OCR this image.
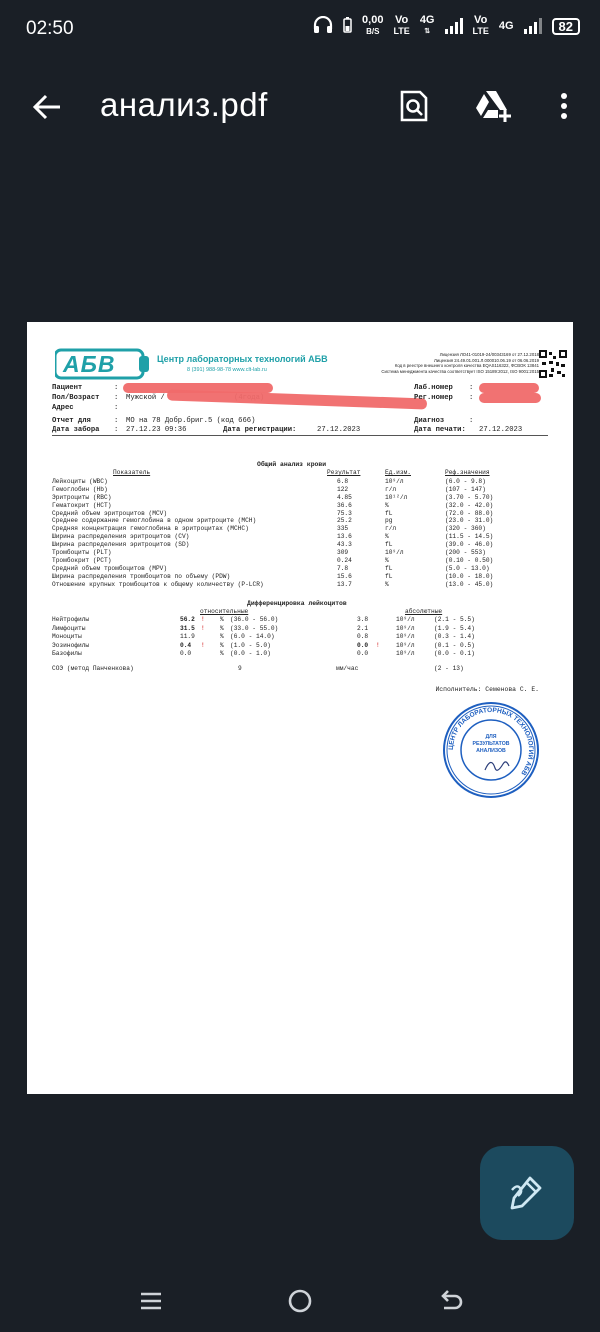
02:50	0,00
B/S
Vo
LTE
4G
⇅
Vo
LTE 4G	82
анализ.pdf
АБВ	Центр лабораторных технологий АБВ
8 (391) 988-98-78 www.clt-lab.ru
Лицензия ЛО41-01019-24/00343169 от 27.12.2018
Лицензия 24.49.01.001.Л.000010.06.19 от 06.06.2019
Код в реестре внешнего контроля качества EQAS116322, ФСВОК 13841
Система менеджмента качества соответствует ISO 15189:2012, ISO 9001:2015
Пациент	:
Пол/Возраст : Мужской /
Адрес	:
Лаб.номер :
Рег.номер :
Отчет для	: МО на 78 Добр.бриг.5 (код 666)	Диагноз	:
Дата забора : 27.12.23 09:36	Дата регистрации:	27.12.2023	Дата печати: 27.12.2023
Общий анализ крови
Показатель	Результат	Ед.изм.	Реф.значения
Лейкоциты (WBC)	6.8	10⁹/л	(6.0 - 9.8)
Гемоглобин (Hb)	122	г/л	(107 - 147)
Эритроциты (RBC)	4.85	10¹²/л	(3.70 - 5.70)
Гематокрит (HCT)	36.6	%	(32.0 - 42.0)
Средний объем эритроцитов (MCV)	75.3	fL	(72.0 - 88.0)
Среднее содержание гемоглобина в одном эритроците (MCH)	25.2	pg	(23.0 - 31.0)
Средняя концентрация гемоглобина в эритроцитах (MCHC)	335	г/л	(320 - 360)
Ширина распределения эритроцитов (CV)	13.6	%	(11.5 - 14.5)
Ширина распределения эритроцитов (SD)	43.3	fL	(39.0 - 46.0)
Тромбоциты (PLT)	309	10⁹/л	(200 - 553)
Тромбокрит (PCT)	0.24	%	(0.10 - 0.50)
Средний объем тромбоцитов (MPV)	7.8	fL	(5.0 - 13.0)
Ширина распределения тромбоцитов по объему (PDW)	15.6	fL	(10.0 - 18.0)
Отношение крупных тромбоцитов к общему количеству (P-LCR)	13.7	%	(13.0 - 45.0)
Дифференцировка лейкоцитов
относительные	абсолютные
Нейтрофилы	56.2 ! % (36.0 - 56.0)	3.8	10⁹/л	(2.1 - 5.5)
Лимфоциты	31.5 ! % (33.0 - 55.0)	2.1	10⁹/л	(1.9 - 5.4)
Моноциты	11.9	% (6.0 - 14.0)	0.8	10⁹/л	(0.3 - 1.4)
Эозинофилы	0.4 ! % (1.0 - 5.0)	0.0 !	10⁹/л	(0.1 - 0.5)
Базофилы	0.0	% (0.0 - 1.0)	0.0	10⁹/л	(0.0 - 0.1)
СОЭ (метод Панченкова)	9	мм/час	(2 - 13)
Исполнитель: Семенова С. Е.
ЦЕНТР ЛАБОРАТОРНЫХ ТЕХНОЛОГИЙ АБВ
ДЛЯ
РЕЗУЛЬТАТОВ
АНАЛИЗОВ
